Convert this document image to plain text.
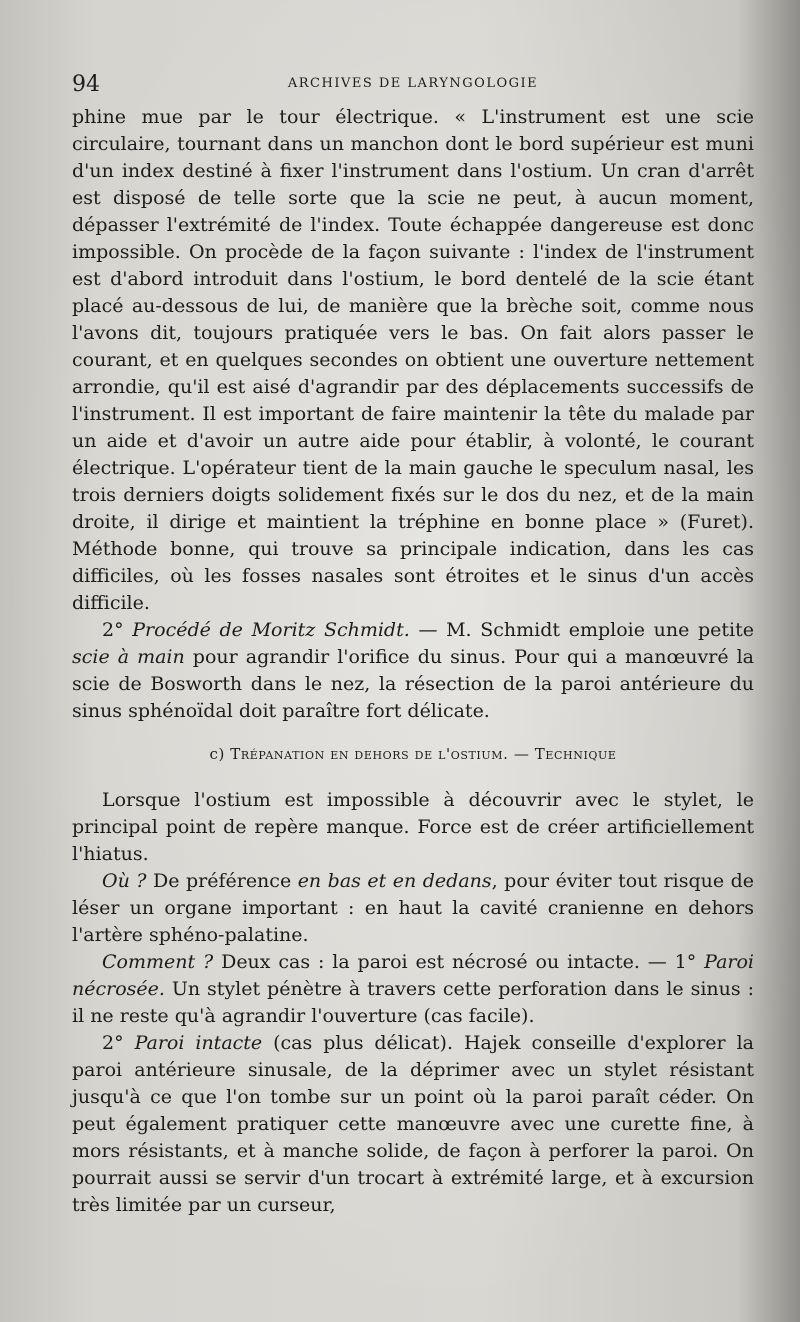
94	ARCHIVES DE LARYNGOLOGIE

phine mue par le tour électrique. « L'instrument est une scie circulaire, tournant dans un manchon dont le bord supérieur est muni d'un index destiné à fixer l'instrument dans l'ostium. Un cran d'arrêt est disposé de telle sorte que la scie ne peut, à aucun moment, dépasser l'extrémité de l'index. Toute échappée dangereuse est donc impossible. On procède de la façon suivante : l'index de l'instrument est d'abord introduit dans l'ostium, le bord dentelé de la scie étant placé au-dessous de lui, de manière que la brèche soit, comme nous l'avons dit, toujours pratiquée vers le bas. On fait alors passer le courant, et en quelques secondes on obtient une ouverture nettement arrondie, qu'il est aisé d'agrandir par des déplacements successifs de l'instrument. Il est important de faire maintenir la tête du malade par un aide et d'avoir un autre aide pour établir, à volonté, le courant électrique. L'opérateur tient de la main gauche le speculum nasal, les trois derniers doigts solidement fixés sur le dos du nez, et de la main droite, il dirige et maintient la tréphine en bonne place » (Furet). Méthode bonne, qui trouve sa principale indication, dans les cas difficiles, où les fosses nasales sont étroites et le sinus d'un accès difficile.

2° Procédé de Moritz Schmidt. — M. Schmidt emploie une petite scie à main pour agrandir l'orifice du sinus. Pour qui a manœuvré la scie de Bosworth dans le nez, la résection de la paroi antérieure du sinus sphénoïdal doit paraître fort délicate.

c) Trépanation en dehors de l'ostium. — Technique

Lorsque l'ostium est impossible à découvrir avec le stylet, le principal point de repère manque. Force est de créer artificiellement l'hiatus.

Où ? De préférence en bas et en dedans, pour éviter tout risque de léser un organe important : en haut la cavité cranienne en dehors l'artère sphéno-palatine.

Comment ? Deux cas : la paroi est nécrosé ou intacte. — 1° Paroi nécrosée. Un stylet pénètre à travers cette perforation dans le sinus : il ne reste qu'à agrandir l'ouverture (cas facile).

2° Paroi intacte (cas plus délicat). Hajek conseille d'explorer la paroi antérieure sinusale, de la déprimer avec un stylet résistant jusqu'à ce que l'on tombe sur un point où la paroi paraît céder. On peut également pratiquer cette manœuvre avec une curette fine, à mors résistants, et à manche solide, de façon à perforer la paroi. On pourrait aussi se servir d'un trocart à extrémité large, et à excursion très limitée par un curseur,
